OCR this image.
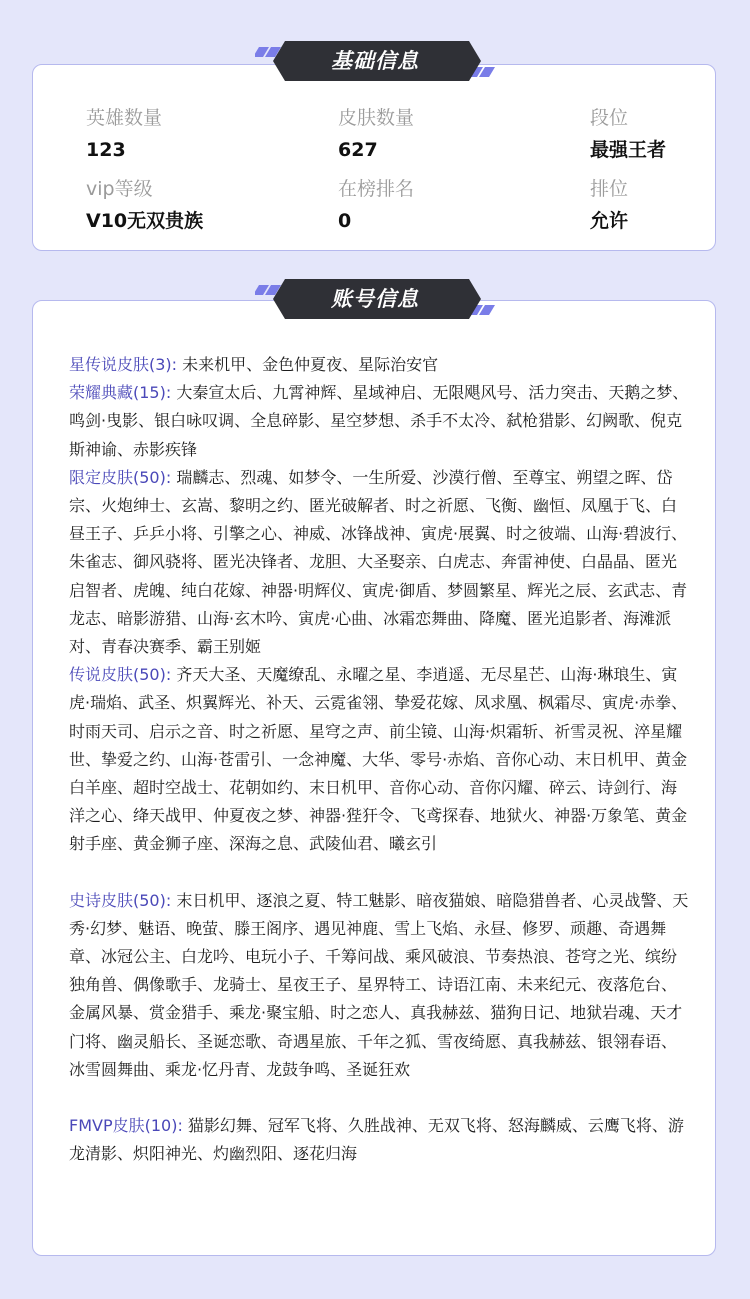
英雄数量
123
皮肤数量
627
段位
最强王者
vip等级
V10无双贵族
在榜排名
0
排位
允许
基础信息

星传说皮肤(3): 未来机甲、金色仲夏夜、星际治安官

荣耀典藏(15): 大秦宣太后、九霄神辉、星域神启、无限飓风号、活力突击、天鹅之梦、鸣剑·曳影、银白咏叹调、全息碎影、星空梦想、杀手不太冷、弑枪猎影、幻阙歌、倪克斯神谕、赤影疾锋

限定皮肤(50): 瑞麟志、烈魂、如梦令、一生所爱、沙漠行僧、至尊宝、朔望之晖、岱宗、火炮绅士、玄嵩、黎明之约、匿光破解者、时之祈愿、飞衡、幽恒、凤凰于飞、白昼王子、乒乒小将、引擎之心、神威、冰锋战神、寅虎·展翼、时之彼端、山海·碧波行、朱雀志、御风骁将、匿光决锋者、龙胆、大圣娶亲、白虎志、奔雷神使、白晶晶、匿光启智者、虎魄、纯白花嫁、神器·明辉仪、寅虎·御盾、梦圆繁星、辉光之辰、玄武志、青龙志、暗影游猎、山海·玄木吟、寅虎·心曲、冰霜恋舞曲、降魔、匿光追影者、海滩派对、青春决赛季、霸王别姬

传说皮肤(50): 齐天大圣、天魔缭乱、永曜之星、李逍遥、无尽星芒、山海·琳琅生、寅虎·瑞焰、武圣、炽翼辉光、补天、云霓雀翎、挚爱花嫁、凤求凰、枫霜尽、寅虎·赤拳、时雨天司、启示之音、时之祈愿、星穹之声、前尘镜、山海·炽霜斩、祈雪灵祝、淬星耀世、挚爱之约、山海·苍雷引、一念神魔、大华、零号·赤焰、音你心动、末日机甲、黄金白羊座、超时空战士、花朝如约、末日机甲、音你心动、音你闪耀、碎云、诗剑行、海洋之心、绛天战甲、仲夏夜之梦、神器·狴犴令、飞鸢探春、地狱火、神器·万象笔、黄金射手座、黄金狮子座、深海之息、武陵仙君、曦玄引

史诗皮肤(50): 末日机甲、逐浪之夏、特工魅影、暗夜猫娘、暗隐猎兽者、心灵战警、天秀·幻梦、魅语、晚萤、滕王阁序、遇见神鹿、雪上飞焰、永昼、修罗、顽趣、奇遇舞章、冰冠公主、白龙吟、电玩小子、千筹问战、乘风破浪、节奏热浪、苍穹之光、缤纷独角兽、偶像歌手、龙骑士、星夜王子、星界特工、诗语江南、未来纪元、夜落危台、金属风暴、赏金猎手、乘龙·聚宝船、时之恋人、真我赫兹、猫狗日记、地狱岩魂、天才门将、幽灵船长、圣诞恋歌、奇遇星旅、千年之狐、雪夜绮愿、真我赫兹、银翎春语、冰雪圆舞曲、乘龙·忆丹青、龙鼓争鸣、圣诞狂欢

FMVP皮肤(10): 猫影幻舞、冠军飞将、久胜战神、无双飞将、怒海麟威、云鹰飞将、游龙清影、炽阳神光、灼幽烈阳、逐花归海

账号信息
